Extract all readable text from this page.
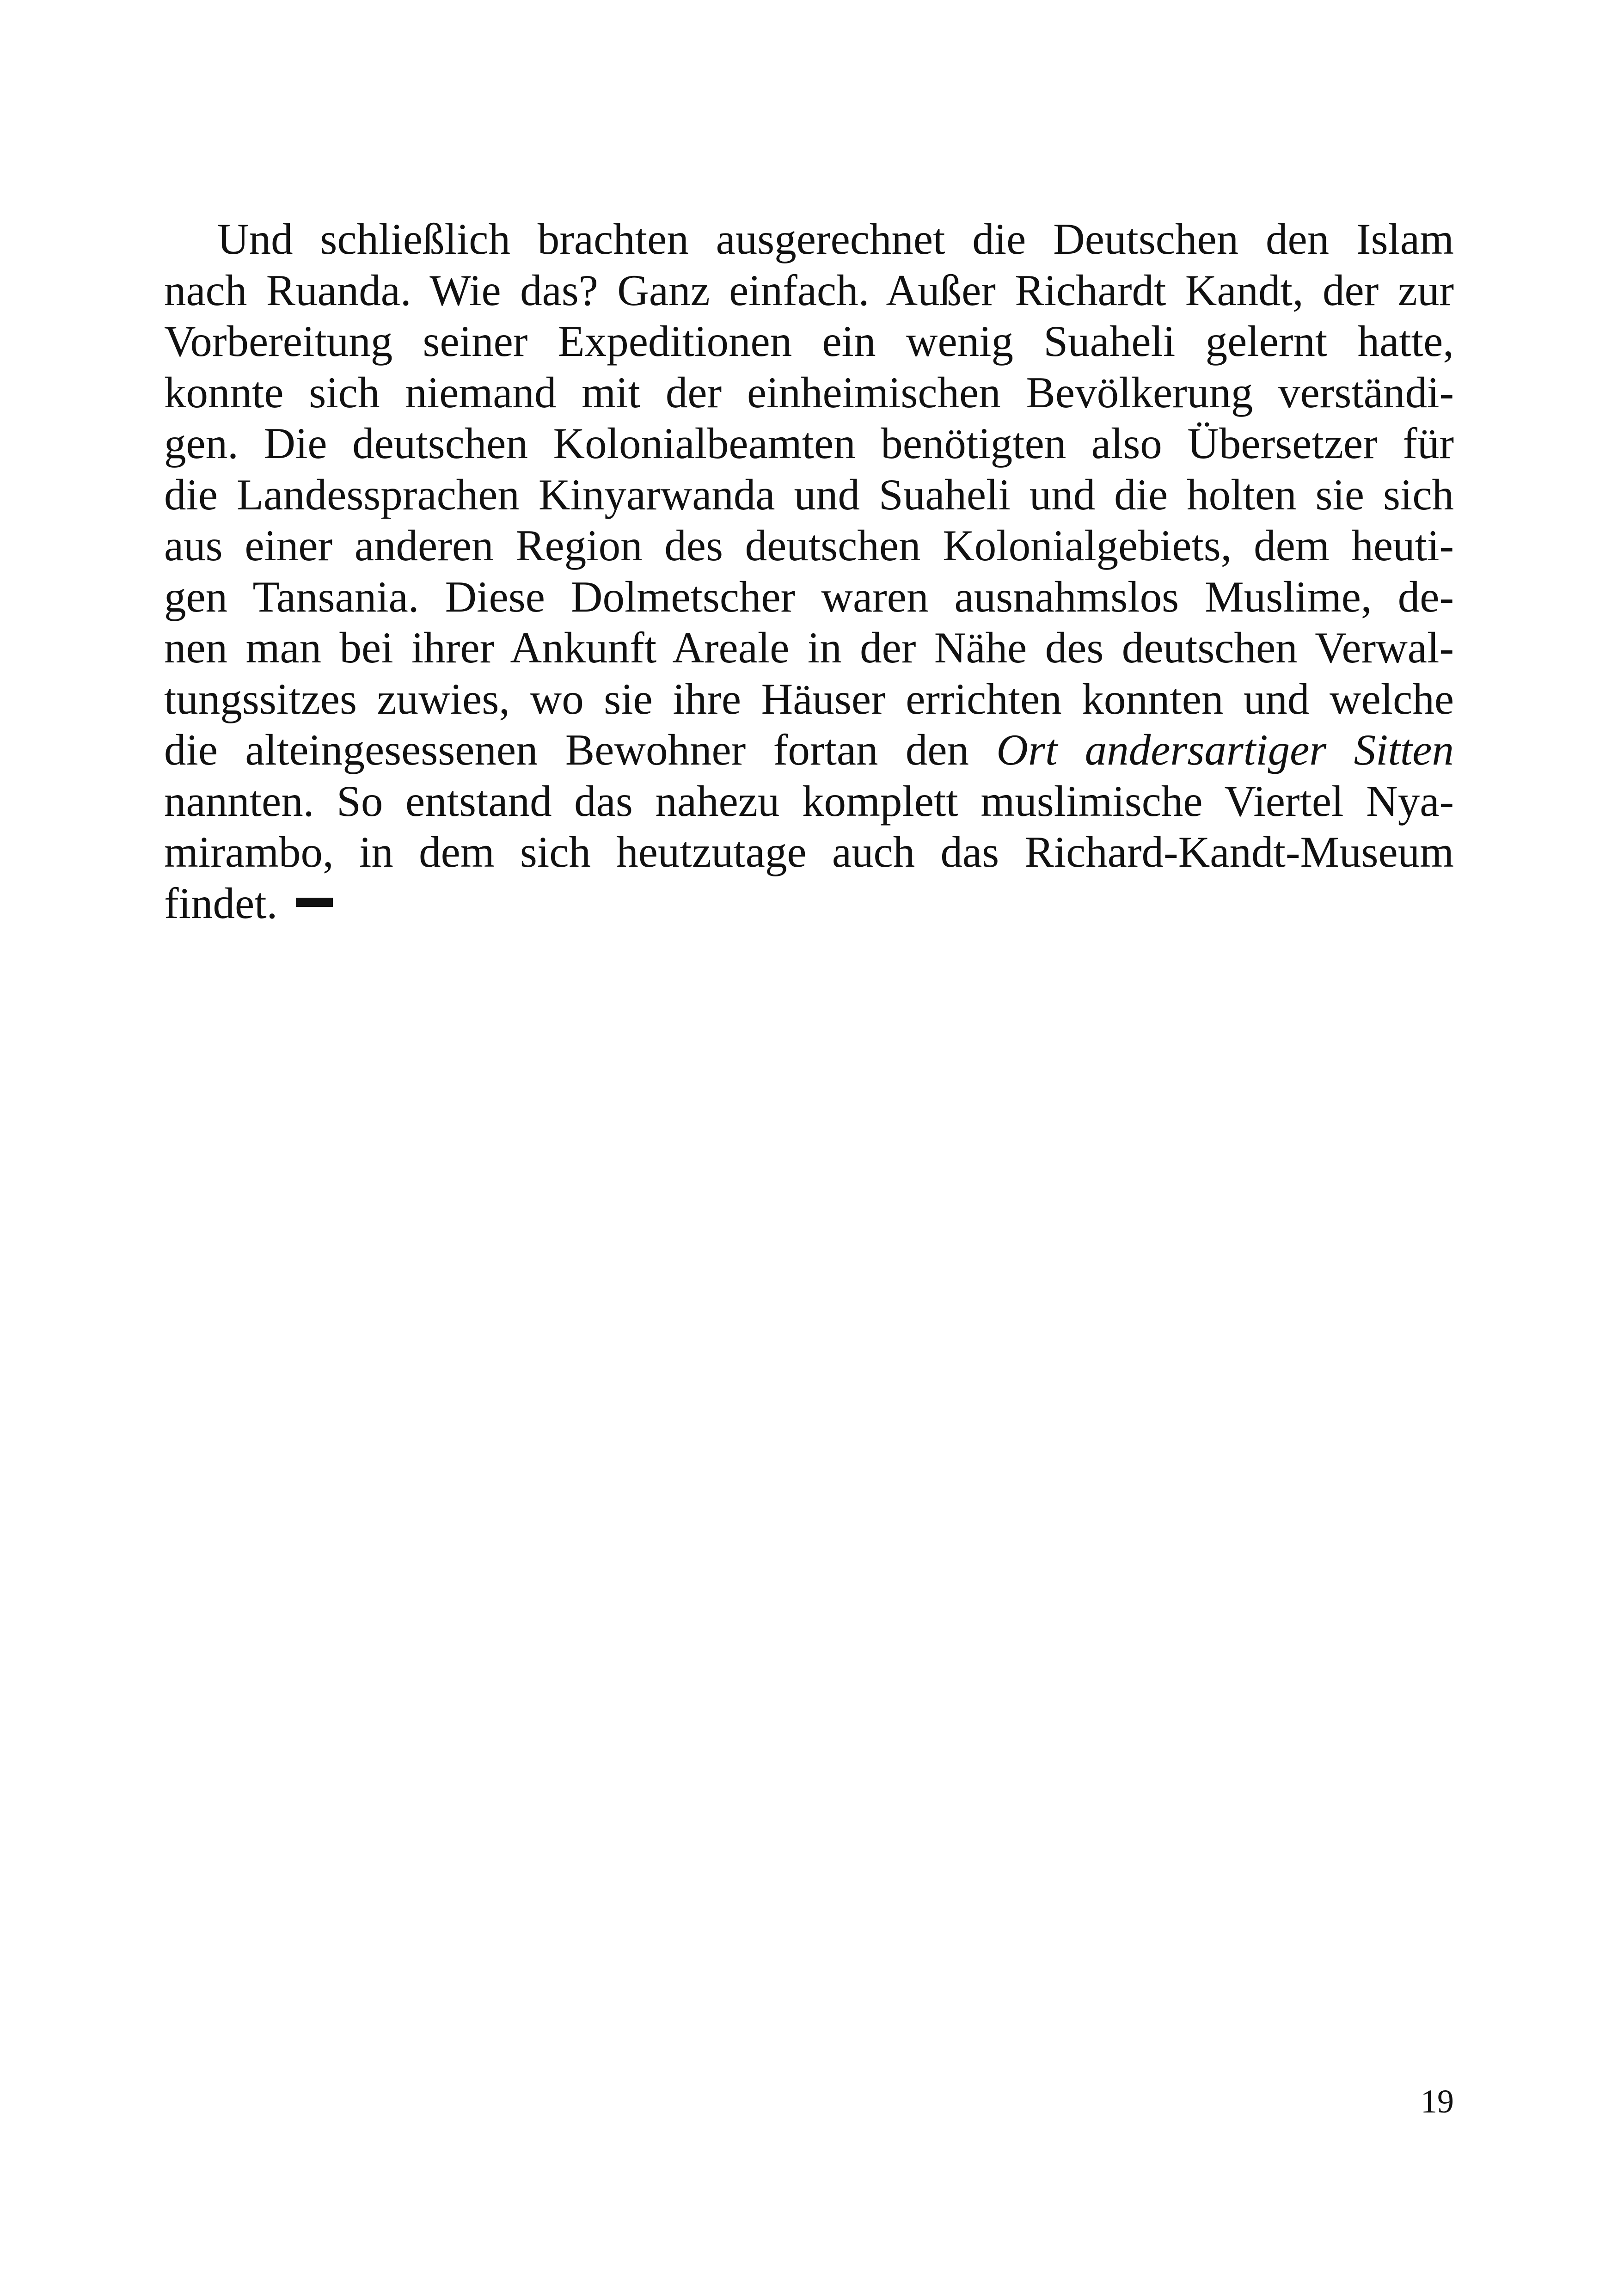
Und schließlich brachten ausgerechnet die Deutschen den Islam
nach Ruanda. Wie das? Ganz einfach. Außer Richardt Kandt, der zur
Vorbereitung seiner Expeditionen ein wenig Suaheli gelernt hatte,
konnte sich niemand mit der einheimischen Bevölkerung verständi-
gen. Die deutschen Kolonialbeamten benötigten also Übersetzer für
die Landessprachen Kinyarwanda und Suaheli und die holten sie sich
aus einer anderen Region des deutschen Kolonialgebiets, dem heuti-
gen Tansania. Diese Dolmetscher waren ausnahmslos Muslime, de-
nen man bei ihrer Ankunft Areale in der Nähe des deutschen Verwal-
tungssitzes zuwies, wo sie ihre Häuser errichten konnten und welche
die alteingesessenen Bewohner fortan den Ort andersartiger Sitten
nannten. So entstand das nahezu komplett muslimische Viertel Nya-
mirambo, in dem sich heutzutage auch das Richard-Kandt-Museum
findet.
19
